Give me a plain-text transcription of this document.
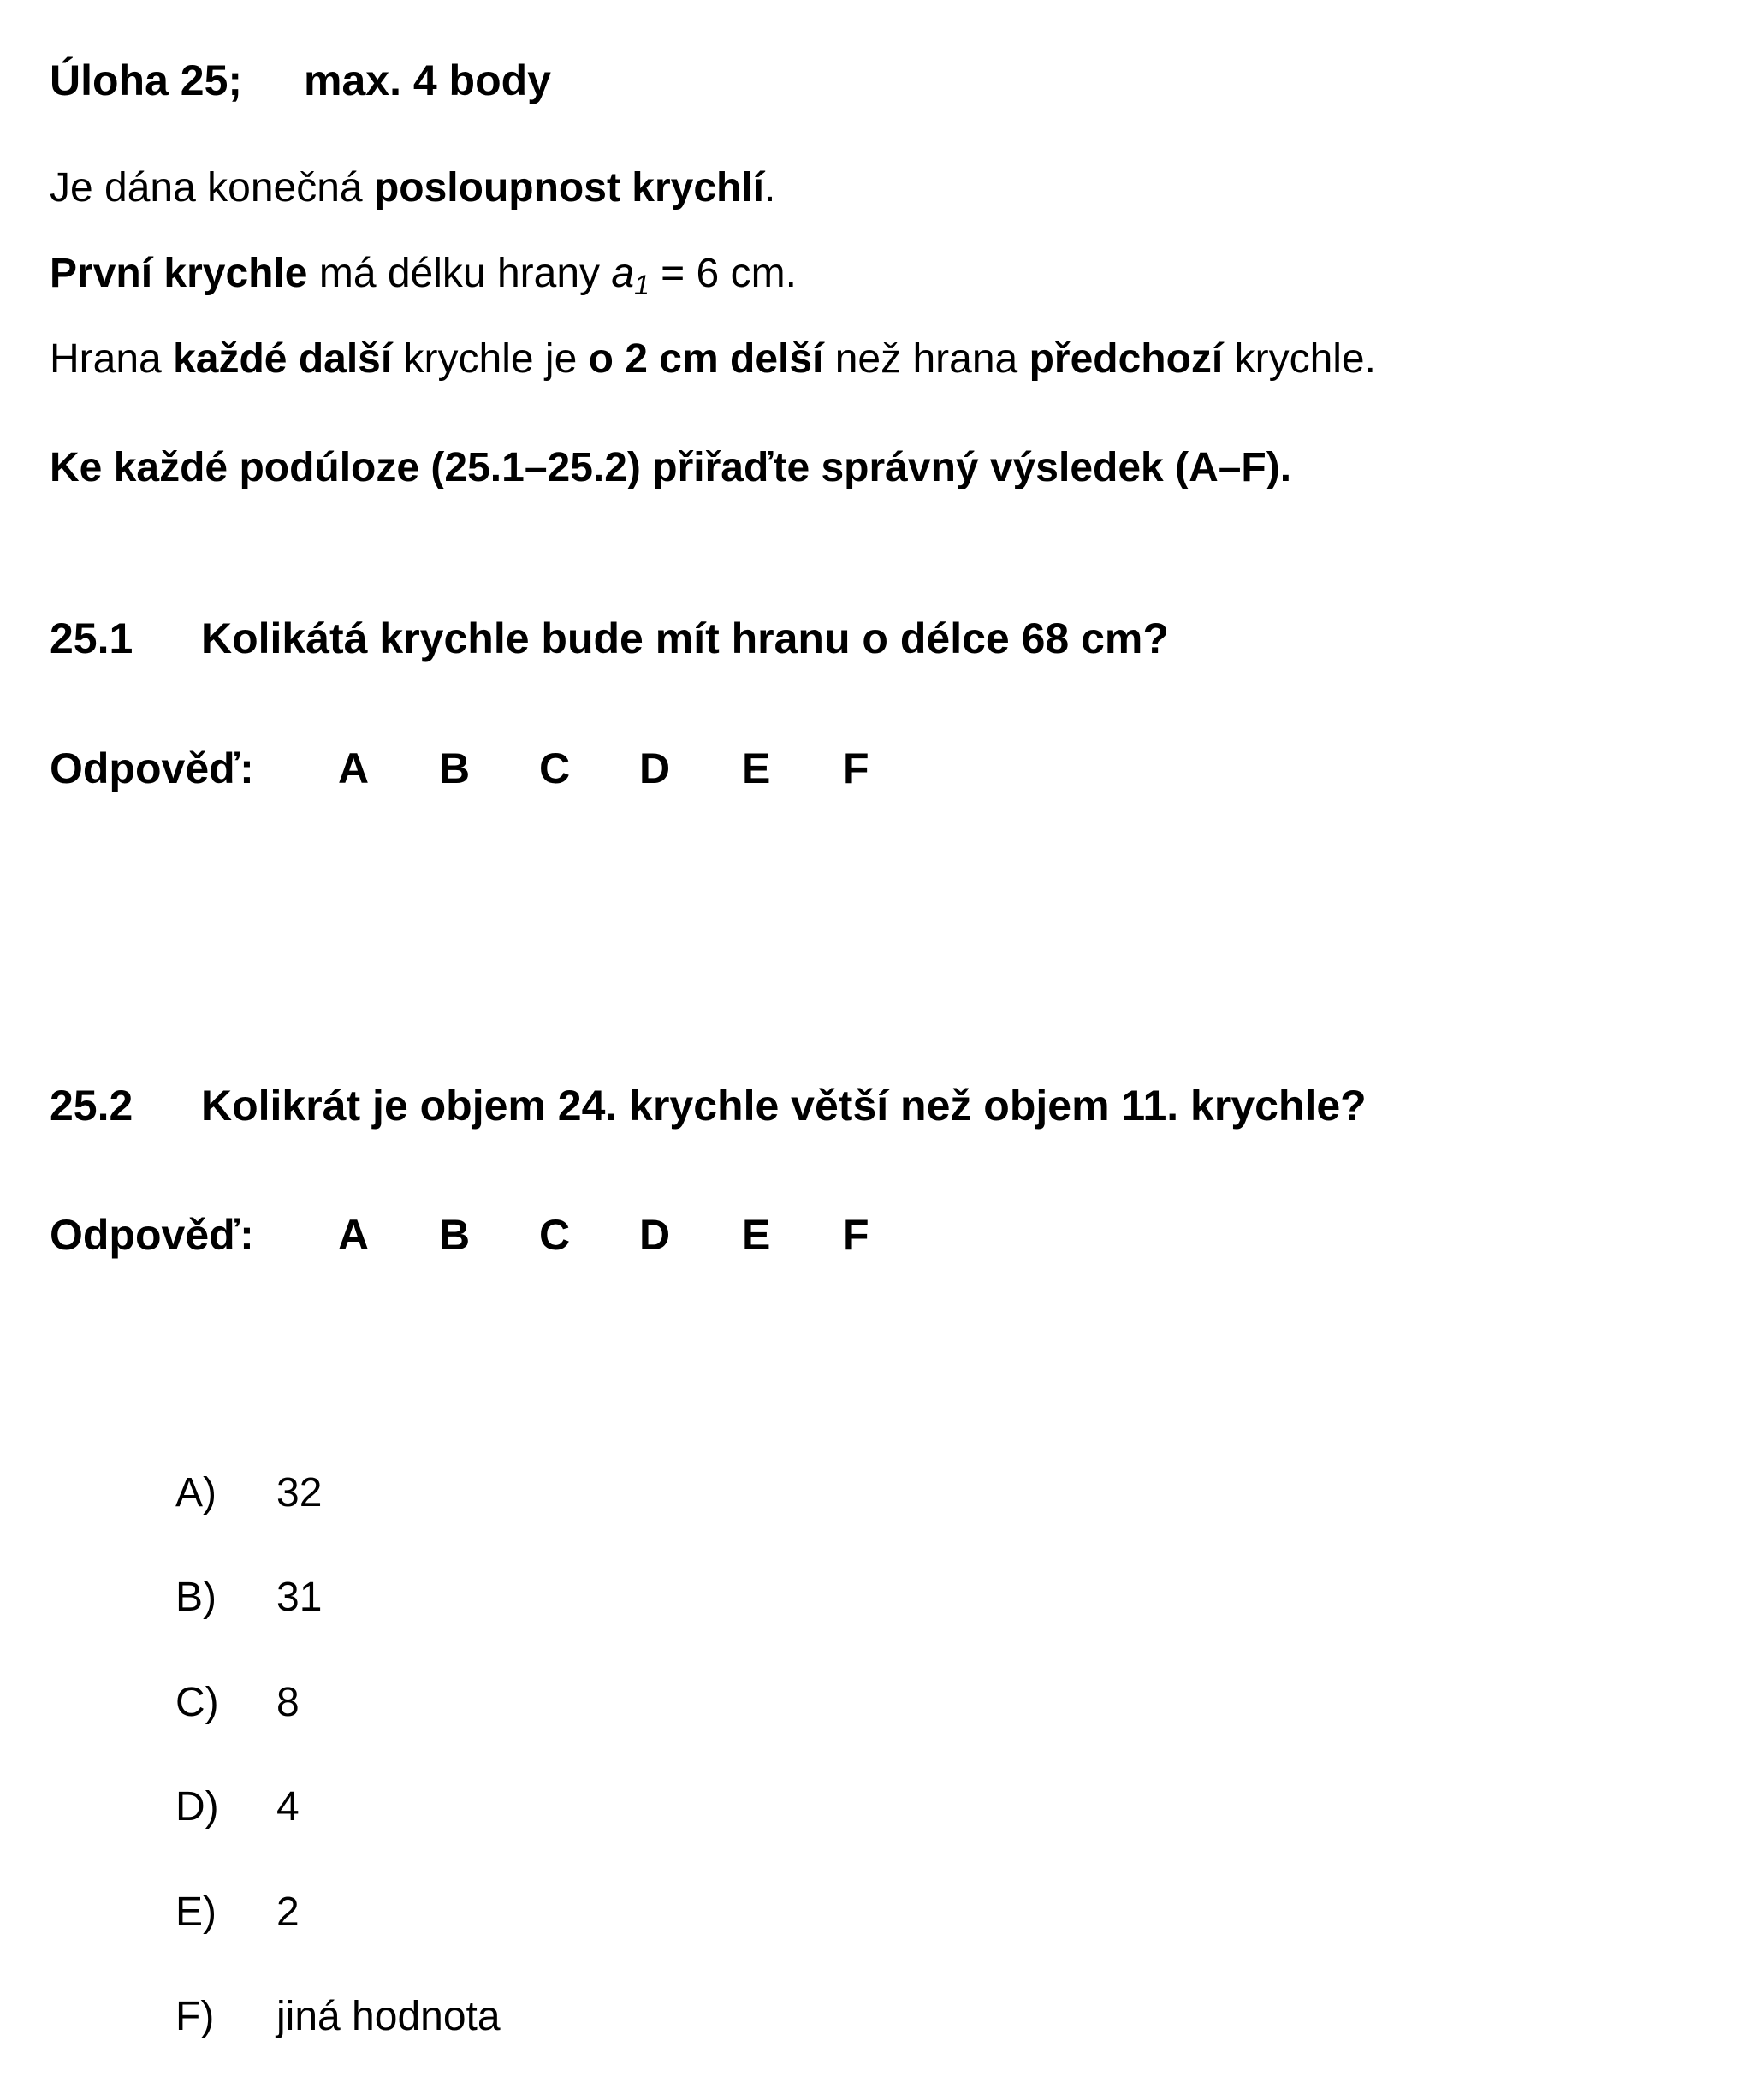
Úloha 25; max. 4 body
Je dána konečná posloupnost krychlí.
První krychle má délku hrany $a_1 = 6$ cm.
Hrana každé další krychle je o 2 cm delší než hrana předchozí krychle.
Ke každé podúloze (25.1–25.2) přiřaďte správný výsledek (A–F).
25.1 Kolikátá krychle bude mít hranu o délce 68 cm?
Odpověď: A B C D E F
25.2 Kolikrát je objem 24. krychle větší než objem 11. krychle?
Odpověď: A B C D E F
A) 32
B) 31
C) 8
D) 4
E) 2
F) jiná hodnota
